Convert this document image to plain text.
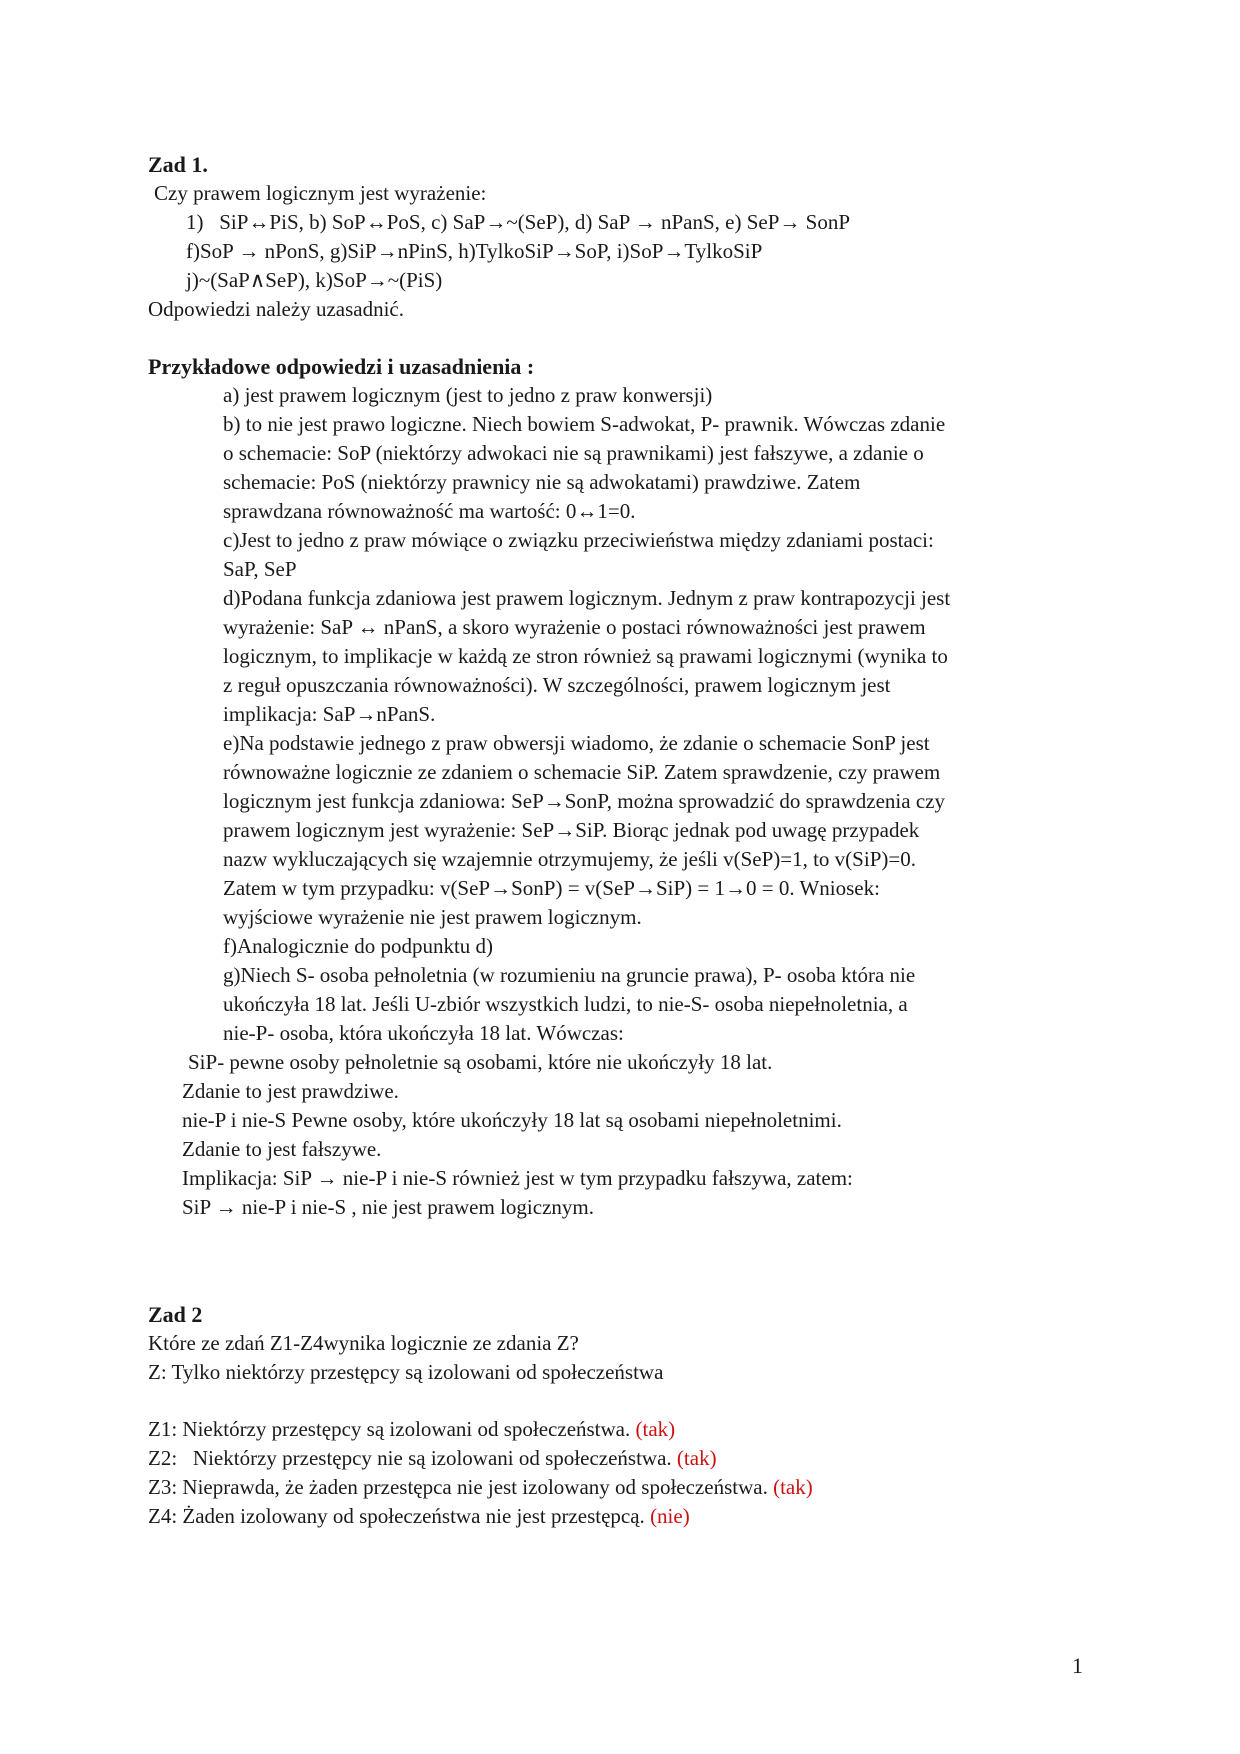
Zad 1.
Czy prawem logicznym jest wyrażenie:
1)   SiP↔PiS, b) SoP↔PoS, c) SaP→~(SeP), d) SaP → nPanS, e) SeP→ SonP
f)SoP → nPonS, g)SiP→nPinS, h)TylkoSiP→SoP, i)SoP→TylkoSiP
j)~(SaP∧SeP), k)SoP→~(PiS)
Odpowiedzi należy uzasadnić.
Przykładowe odpowiedzi i uzasadnienia :
a) jest prawem logicznym (jest to jedno z praw konwersji)
b) to nie jest prawo logiczne. Niech bowiem S-adwokat, P- prawnik. Wówczas zdanie
o schemacie: SoP (niektórzy adwokaci nie są prawnikami) jest fałszywe, a zdanie o
schemacie: PoS (niektórzy prawnicy nie są adwokatami) prawdziwe. Zatem
sprawdzana równoważność ma wartość: 0↔1=0.
c)Jest to jedno z praw mówiące o związku przeciwieństwa między zdaniami postaci:
SaP, SeP
d)Podana funkcja zdaniowa jest prawem logicznym. Jednym z praw kontrapozycji jest
wyrażenie: SaP ↔ nPanS, a skoro wyrażenie o postaci równoważności jest prawem
logicznym, to implikacje w każdą ze stron również są prawami logicznymi (wynika to
z reguł opuszczania równoważności). W szczególności, prawem logicznym jest
implikacja: SaP→nPanS.
e)Na podstawie jednego z praw obwersji wiadomo, że zdanie o schemacie SonP jest
równoważne logicznie ze zdaniem o schemacie SiP. Zatem sprawdzenie, czy prawem
logicznym jest funkcja zdaniowa: SeP→SonP, można sprowadzić do sprawdzenia czy
prawem logicznym jest wyrażenie: SeP→SiP. Biorąc jednak pod uwagę przypadek
nazw wykluczających się wzajemnie otrzymujemy, że jeśli v(SeP)=1, to v(SiP)=0.
Zatem w tym przypadku: v(SeP→SonP) = v(SeP→SiP) = 1→0 = 0. Wniosek:
wyjściowe wyrażenie nie jest prawem logicznym.
f)Analogicznie do podpunktu d)
g)Niech S- osoba pełnoletnia (w rozumieniu na gruncie prawa), P- osoba która nie
ukończyła 18 lat. Jeśli U-zbiór wszystkich ludzi, to nie-S- osoba niepełnoletnia, a
nie-P- osoba, która ukończyła 18 lat. Wówczas:
SiP- pewne osoby pełnoletnie są osobami, które nie ukończyły 18 lat.
Zdanie to jest prawdziwe.
nie-P i nie-S Pewne osoby, które ukończyły 18 lat są osobami niepełnoletnimi.
Zdanie to jest fałszywe.
Implikacja: SiP → nie-P i nie-S również jest w tym przypadku fałszywa, zatem:
SiP → nie-P i nie-S , nie jest prawem logicznym.
Zad 2
Które ze zdań Z1-Z4wynika logicznie ze zdania Z?
Z: Tylko niektórzy przestępcy są izolowani od społeczeństwa
Z1: Niektórzy przestępcy są izolowani od społeczeństwa. (tak)
Z2:   Niektórzy przestępcy nie są izolowani od społeczeństwa. (tak)
Z3: Nieprawda, że żaden przestępca nie jest izolowany od społeczeństwa. (tak)
Z4: Żaden izolowany od społeczeństwa nie jest przestępcą. (nie)
1
